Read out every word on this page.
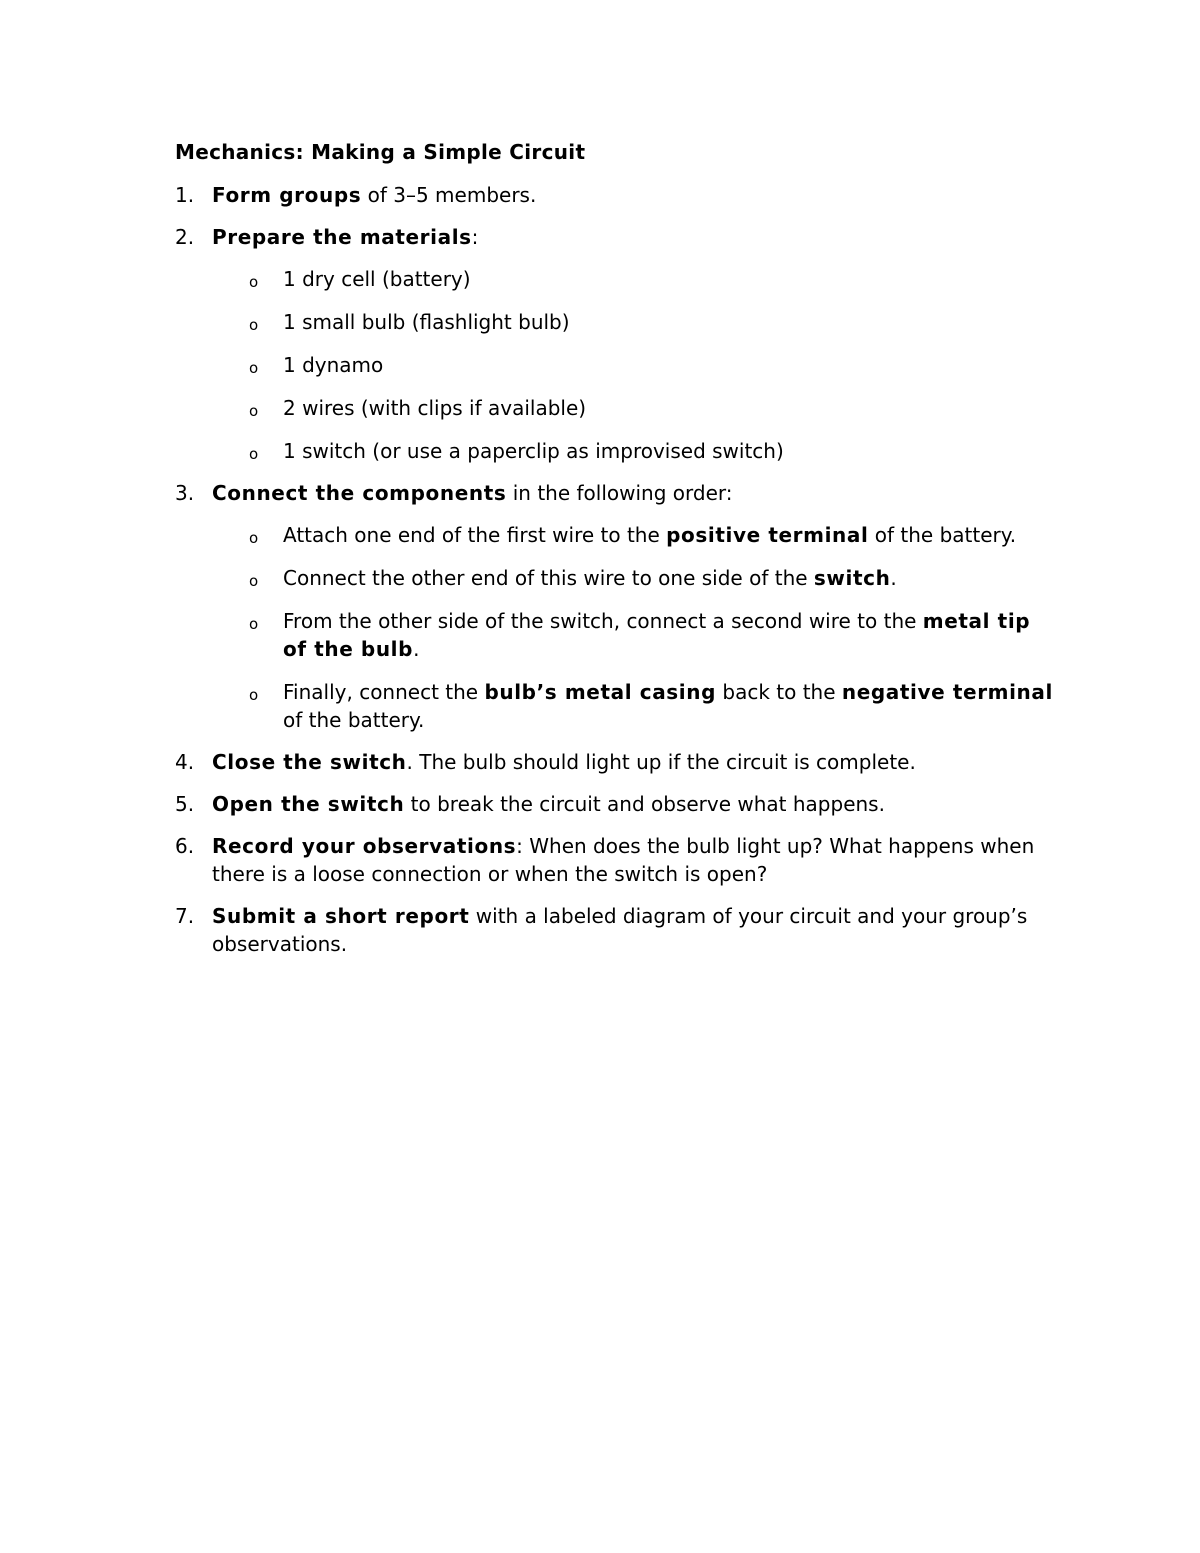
Mechanics: Making a Simple Circuit
1. Form groups of 3–5 members.
2. Prepare the materials:
o 1 dry cell (battery)
o 1 small bulb (flashlight bulb)
o 1 dynamo
o 2 wires (with clips if available)
o 1 switch (or use a paperclip as improvised switch)
3. Connect the components in the following order:
o Attach one end of the first wire to the positive terminal of the battery.
o Connect the other end of this wire to one side of the switch.
o From the other side of the switch, connect a second wire to the metal tip of the bulb.
o Finally, connect the bulb’s metal casing back to the negative terminal of the battery.
4. Close the switch. The bulb should light up if the circuit is complete.
5. Open the switch to break the circuit and observe what happens.
6. Record your observations: When does the bulb light up? What happens when there is a loose connection or when the switch is open?
7. Submit a short report with a labeled diagram of your circuit and your group’s observations.
